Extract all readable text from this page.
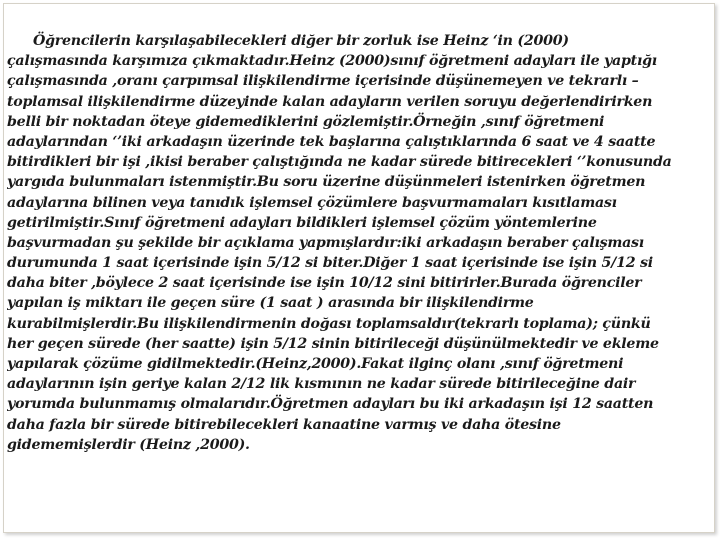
Öğrencilerin karşılaşabilecekleri diğer bir zorluk ise Heinz ‘in (2000)
çalışmasında karşımıza çıkmaktadır.Heinz (2000)sınıf öğretmeni adayları ile yaptığı
çalışmasında ,oranı çarpımsal ilişkilendirme içerisinde düşünemeyen ve tekrarlı –
toplamsal ilişkilendirme düzeyinde kalan adayların verilen soruyu değerlendirirken
belli bir noktadan öteye gidemediklerini gözlemiştir.Örneğin ,sınıf öğretmeni
adaylarından ‘’iki arkadaşın üzerinde tek başlarına çalıştıklarında 6 saat ve 4 saatte
bitirdikleri bir işi ,ikisi beraber çalıştığında ne kadar sürede bitirecekleri ‘’konusunda
yargıda bulunmaları istenmiştir.Bu soru üzerine düşünmeleri istenirken öğretmen
adaylarına bilinen veya tanıdık işlemsel çözümlere başvurmamaları kısıtlaması
getirilmiştir.Sınıf öğretmeni adayları bildikleri işlemsel çözüm yöntemlerine
başvurmadan şu şekilde bir açıklama yapmışlardır:iki arkadaşın beraber çalışması
durumunda 1 saat içerisinde işin 5/12 si biter.Diğer 1 saat içerisinde ise işin 5/12 si
daha biter ,böylece 2 saat içerisinde ise işin 10/12 sini bitirirler.Burada öğrenciler
yapılan iş miktarı ile geçen süre (1 saat ) arasında bir ilişkilendirme
kurabilmişlerdir.Bu ilişkilendirmenin doğası toplamsaldır(tekrarlı toplama); çünkü
her geçen sürede (her saatte) işin 5/12 sinin bitirileceği düşünülmektedir ve ekleme
yapılarak çözüme gidilmektedir.(Heinz,2000).Fakat ilginç olanı ,sınıf öğretmeni
adaylarının işin geriye kalan 2/12 lik kısmının ne kadar sürede bitirileceğine dair
yorumda bulunmamış olmalarıdır.Öğretmen adayları bu iki arkadaşın işi 12 saatten
daha fazla bir sürede bitirebilecekleri kanaatine varmış ve daha ötesine
gidememişlerdir (Heinz ,2000).
